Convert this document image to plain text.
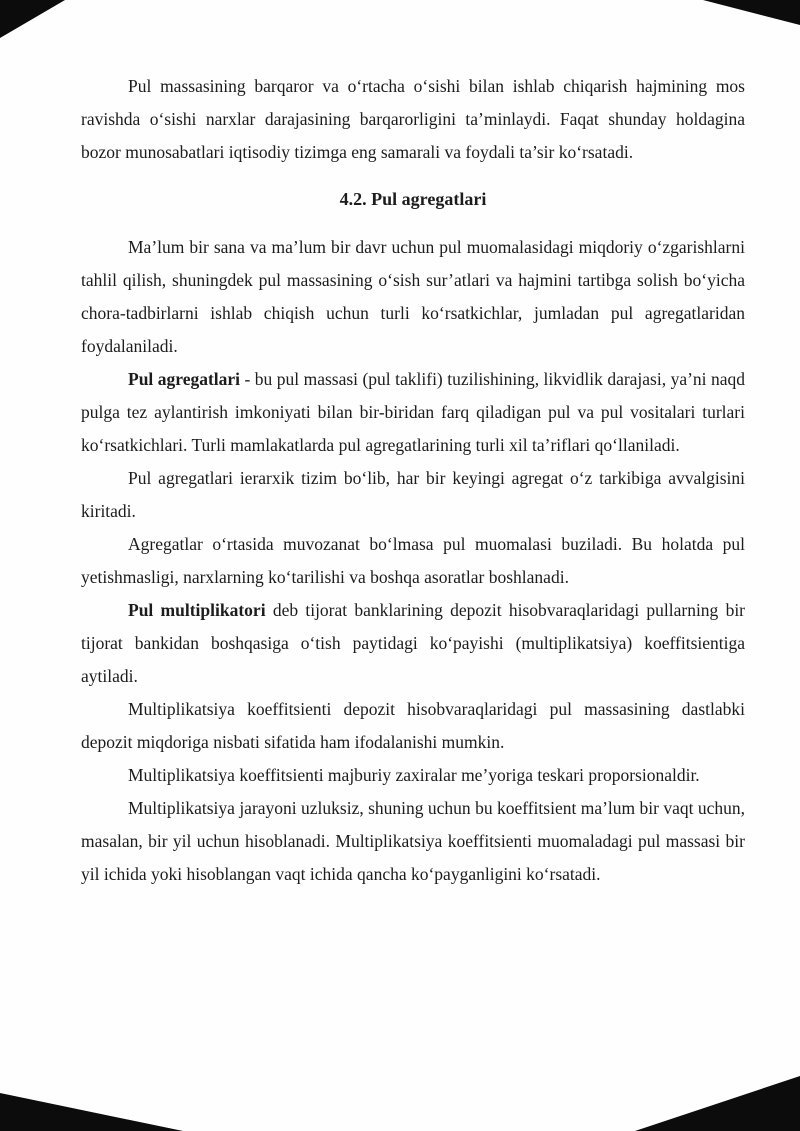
Pul massasining barqaror va o‘rtacha o‘sishi bilan ishlab chiqarish hajmining mos ravishda o‘sishi narxlar darajasining barqarorligini ta’minlaydi. Faqat shunday holdagina bozor munosabatlari iqtisodiy tizimga eng samarali va foydali ta’sir ko‘rsatadi.

4.2. Pul agregatlari

Ma’lum bir sana va ma’lum bir davr uchun pul muomalasidagi miqdoriy o‘zgarishlarni tahlil qilish, shuningdek pul massasining o‘sish sur’atlari va hajmini tartibga solish bo‘yicha chora-tadbirlarni ishlab chiqish uchun turli ko‘rsatkichlar, jumladan pul agregatlaridan foydalaniladi.

Pul agregatlari - bu pul massasi (pul taklifi) tuzilishining, likvidlik darajasi, ya’ni naqd pulga tez aylantirish imkoniyati bilan bir-biridan farq qiladigan pul va pul vositalari turlari ko‘rsatkichlari. Turli mamlakatlarda pul agregatlarining turli xil ta’riflari qo‘llaniladi.

Pul agregatlari ierarxik tizim bo‘lib, har bir keyingi agregat o‘z tarkibiga avvalgisini kiritadi.

Agregatlar o‘rtasida muvozanat bo‘lmasa pul muomalasi buziladi. Bu holatda pul yetishmasligi, narxlarning ko‘tarilishi va boshqa asoratlar boshlanadi.

Pul multiplikatori deb tijorat banklarining depozit hisobvaraqlaridagi pullarning bir tijorat bankidan boshqasiga o‘tish paytidagi ko‘payishi (multiplikatsiya) koeffitsientiga aytiladi.

Multiplikatsiya koeffitsienti depozit hisobvaraqlaridagi pul massasining dastlabki depozit miqdoriga nisbati sifatida ham ifodalanishi mumkin.

Multiplikatsiya koeffitsienti majburiy zaxiralar me’yoriga teskari proporsionaldir.

Multiplikatsiya jarayoni uzluksiz, shuning uchun bu koeffitsient ma’lum bir vaqt uchun, masalan, bir yil uchun hisoblanadi. Multiplikatsiya koeffitsienti muomaladagi pul massasi bir yil ichida yoki hisoblangan vaqt ichida qancha ko‘payganligini ko‘rsatadi.
